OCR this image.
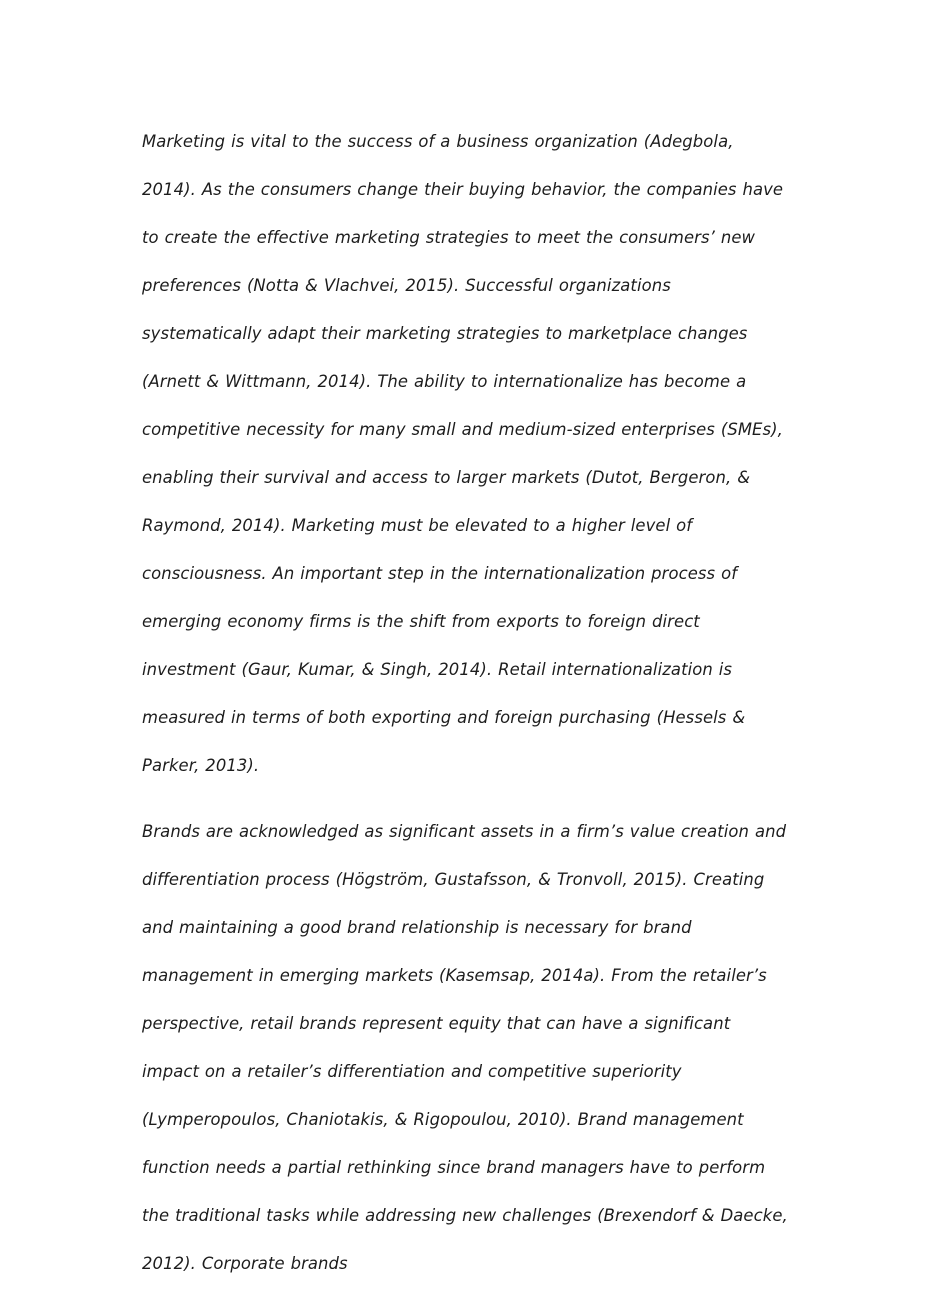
Marketing is vital to the success of a business organization (Adegbola, 2014). As the consumers change their buying behavior, the companies have to create the effective marketing strategies to meet the consumers’ new preferences (Notta & Vlachvei, 2015). Successful organizations systematically adapt their marketing strategies to marketplace changes (Arnett & Wittmann, 2014). The ability to internationalize has become a competitive necessity for many small and medium-sized enterprises (SMEs), enabling their survival and access to larger markets (Dutot, Bergeron, & Raymond, 2014). Marketing must be elevated to a higher level of consciousness. An important step in the internationalization process of emerging economy firms is the shift from exports to foreign direct investment (Gaur, Kumar, & Singh, 2014). Retail internationalization is measured in terms of both exporting and foreign purchasing (Hessels & Parker, 2013).

Brands are acknowledged as significant assets in a firm’s value creation and differentiation process (Högström, Gustafsson, & Tronvoll, 2015). Creating and maintaining a good brand relationship is necessary for brand management in emerging markets (Kasemsap, 2014a). From the retailer’s perspective, retail brands represent equity that can have a significant impact on a retailer’s differentiation and competitive superiority (Lymperopoulos, Chaniotakis, & Rigopoulou, 2010). Brand management function needs a partial rethinking since brand managers have to perform the traditional tasks while addressing new challenges (Brexendorf & Daecke, 2012). Corporate brands
